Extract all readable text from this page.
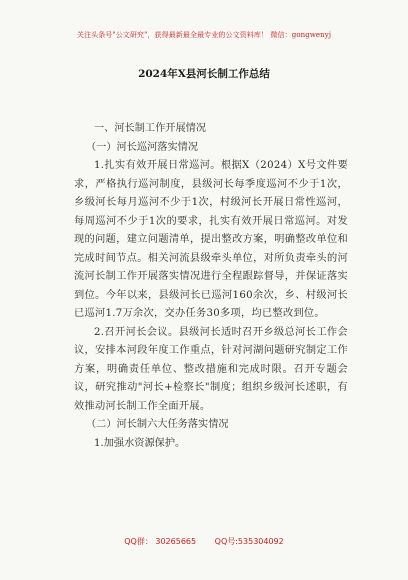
关注头条号"公文研究"，获得最新最全最专业的公文资料库！ 微信：gongwenyj
2024年X县河长制工作总结
一、河长制工作开展情况
（一）河长巡河落实情况

1.扎实有效开展日常巡河。根据X（2024）X号文件要求，严格执行巡河制度，县级河长每季度巡河不少于1次，乡级河长每月巡河不少于1次，村级河长开展日常性巡河，每周巡河不少于1次的要求，扎实有效开展日常巡河。对发现的问题，建立问题清单，提出整改方案，明确整改单位和完成时间节点。相关河流县级牵头单位，对所负责牵头的河流河长制工作开展落实情况进行全程跟踪督导，并保证落实到位。今年以来，县级河长已巡河160余次，乡、村级河长已巡河1.7万余次，交办任务30多项，均已整改到位。

2.召开河长会议。县级河长适时召开乡级总河长工作会议，安排本河段年度工作重点，针对河湖问题研究制定工作方案，明确责任单位、整改措施和完成时限。召开专题会议，研究推动"河长+检察长"制度；组织乡级河长述职，有效推动河长制工作全面开展。

（二）河长制六大任务落实情况
1.加强水资源保护。
QQ群： 30265665 QQ号:535304092
